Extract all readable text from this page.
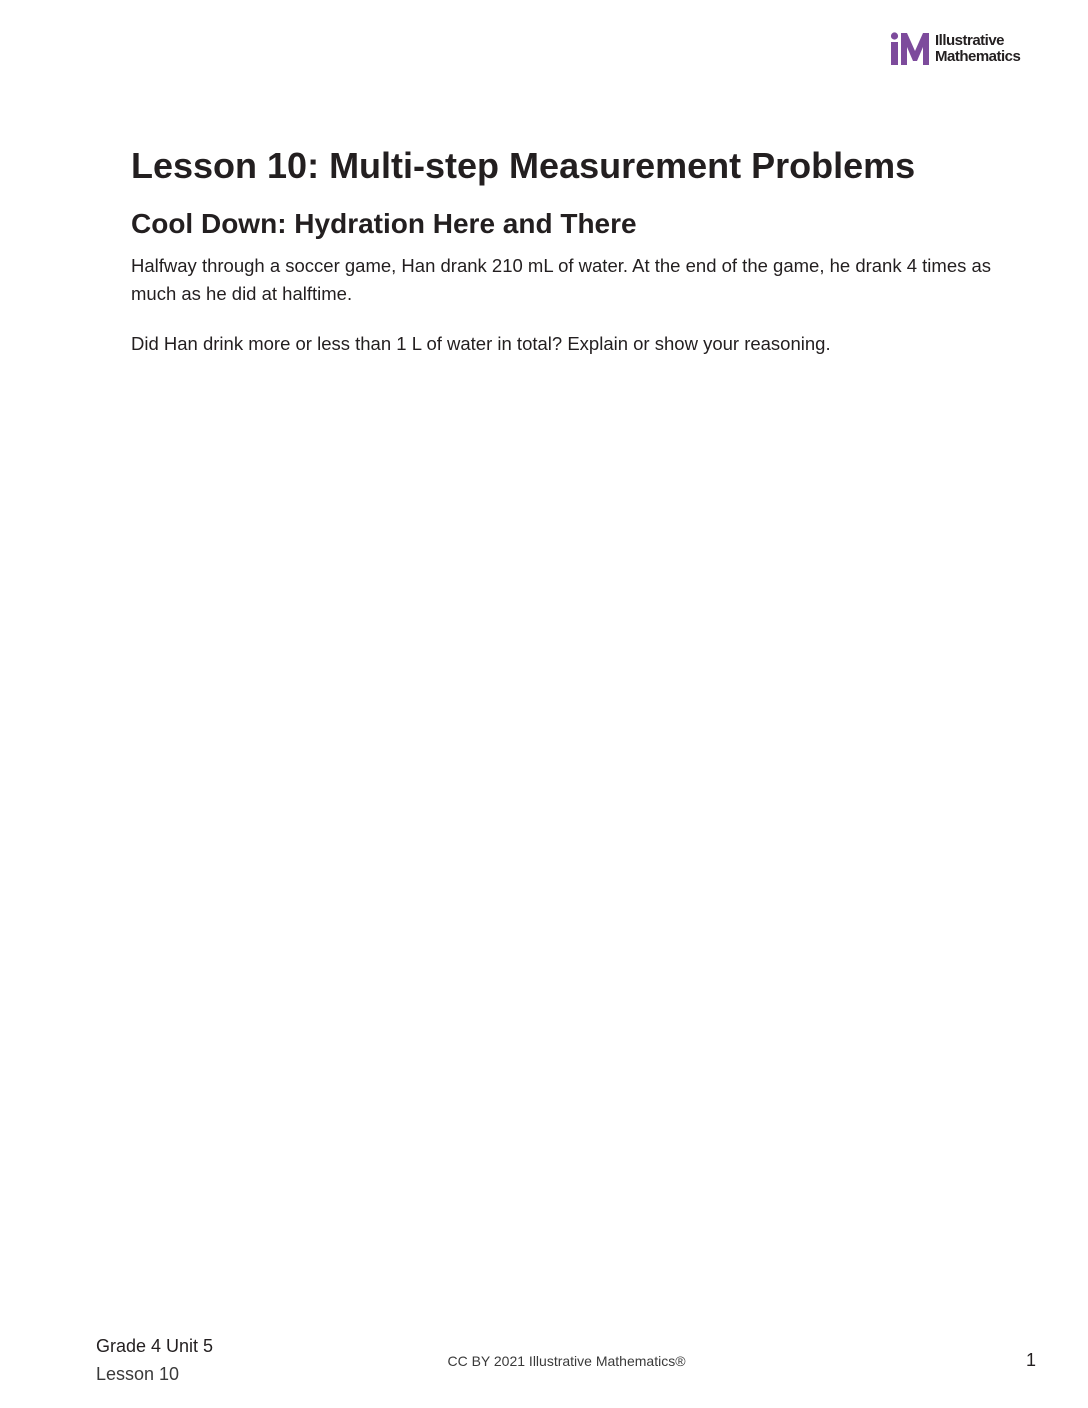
Illustrative
Mathematics
Lesson 10: Multi-step Measurement Problems
Cool Down: Hydration Here and There

Halfway through a soccer game, Han drank 210 mL of water. At the end of the game, he drank 4 times as much as he did at halftime.

Did Han drink more or less than 1 L of water in total? Explain or show your reasoning.

Grade 4 Unit 5
Lesson 10
CC BY 2021 Illustrative Mathematics®	1
